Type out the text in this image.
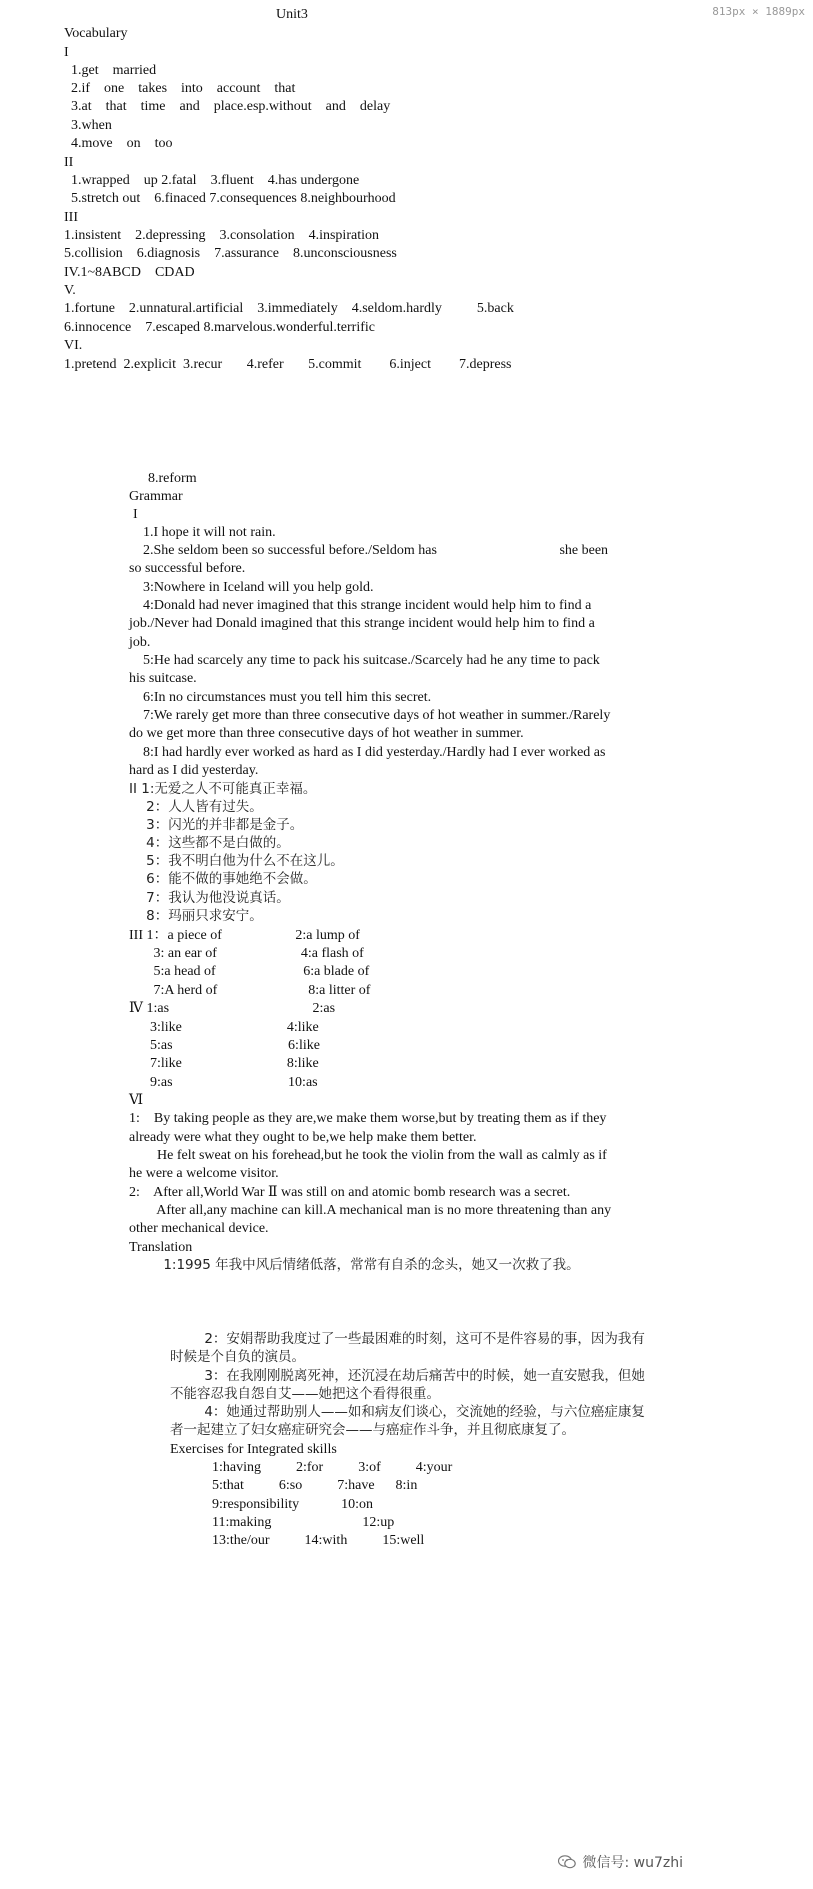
Unit3
Vocabulary
I
1.get    married
2.if    one    takes    into    account    that
3.at    that    time    and    place.esp.without    and    delay
3.when
4.move    on    too
II
1.wrapped    up 2.fatal    3.fluent    4.has undergone
5.stretch out    6.finaced 7.consequences 8.neighbourhood
III
1.insistent    2.depressing    3.consolation    4.inspiration
5.collision    6.diagnosis    7.assurance    8.unconsciousness
IV.1~8ABCD    CDAD
V.
1.fortune    2.unnatural.artificial    3.immediately    4.seldom.hardly          5.back
6.innocence    7.escaped 8.marvelous.wonderful.terrific
VI.
1.pretend  2.explicit  3.recur       4.refer       5.commit        6.inject        7.depress
8.reform
Grammar
I
1.I hope it will not rain.
2.She seldom been so successful before./Seldom has                                   she been
so successful before.
3:Nowhere in Iceland will you help gold.
4:Donald had never imagined that this strange incident would help him to find a
job./Never had Donald imagined that this strange incident would help him to find a
job.
5:He had scarcely any time to pack his suitcase./Scarcely had he any time to pack
his suitcase.
6:In no circumstances must you tell him this secret.
7:We rarely get more than three consecutive days of hot weather in summer./Rarely
do we get more than three consecutive days of hot weather in summer.
8:I had hardly ever worked as hard as I did yesterday./Hardly had I ever worked as
hard as I did yesterday.
II 1:无爱之人不可能真正幸福。
2：人人皆有过失。
3：闪光的并非都是金子。
4：这些都不是白做的。
5：我不明白他为什么不在这儿。
6：能不做的事她绝不会做。
7：我认为他没说真话。
8：玛丽只求安宁。
III 1：a piece of                     2:a lump of
3: an ear of                        4:a flash of
5:a head of                         6:a blade of
7:A herd of                          8:a litter of
Ⅳ 1:as                                         2:as
3:like                              4:like
5:as                                 6:like
7:like                              8:like
9:as                                 10:as
Ⅵ
1:    By taking people as they are,we make them worse,but by treating them as if they
already were what they ought to be,we help make them better.
He felt sweat on his forehead,but he took the violin from the wall as calmly as if
he were a welcome visitor.
2:    After all,World War Ⅱ was still on and atomic bomb research was a secret.
After all,any machine can kill.A mechanical man is no more threatening than any
other mechanical device.
Translation
1:1995 年我中风后情绪低落，常常有自杀的念头，她又一次救了我。
2：安娟帮助我度过了一些最困难的时刻，这可不是件容易的事，因为我有
时候是个自负的演员。
3：在我刚刚脱离死神，还沉浸在劫后痛苦中的时候，她一直安慰我，但她
不能容忍我自怨自艾——她把这个看得很重。
4：她通过帮助别人——如和病友们谈心，交流她的经验，与六位癌症康复
者一起建立了妇女癌症研究会——与癌症作斗争，并且彻底康复了。
Exercises for Integrated skills
1:having          2:for          3:of          4:your
5:that          6:so          7:have      8:in
9:responsibility            10:on
11:making                          12:up
13:the/our          14:with          15:well
813px × 1889px
微信号: wu7zhi
